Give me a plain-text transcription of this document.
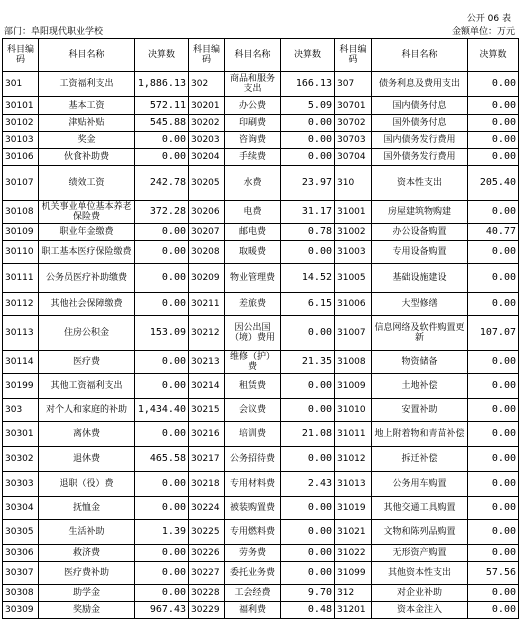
公开 06 表
部门：阜阳现代职业学校	金额单位：万元
科目编码	科目名称	决算数	科目编码	科目名称	决算数	科目编码	科目名称	决算数
301	工资福利支出	1,886.13	302	商品和服务支出	166.13	307	债务利息及费用支出	0.00
30101	基本工资	572.11	30201	办公费	5.09	30701	国内债务付息	0.00
30102	津贴补贴	545.88	30202	印刷费	0.00	30702	国外债务付息	0.00
30103	奖金	0.00	30203	咨询费	0.00	30703	国内债务发行费用	0.00
30106	伙食补助费	0.00	30204	手续费	0.00	30704	国外债务发行费用	0.00
30107	绩效工资	242.78	30205	水费	23.97	310	资本性支出	205.40
30108	机关事业单位基本养老保险费	372.28	30206	电费	31.17	31001	房屋建筑物购建	0.00
30109	职业年金缴费	0.00	30207	邮电费	0.78	31002	办公设备购置	40.77
30110	职工基本医疗保险缴费	0.00	30208	取暖费	0.00	31003	专用设备购置	0.00
30111	公务员医疗补助缴费	0.00	30209	物业管理费	14.52	31005	基础设施建设	0.00
30112	其他社会保障缴费	0.00	30211	差旅费	6.15	31006	大型修缮	0.00
30113	住房公积金	153.09	30212	因公出国（境）费用	0.00	31007	信息网络及软件购置更新	107.07
30114	医疗费	0.00	30213	维修（护）费	21.35	31008	物资储备	0.00
30199	其他工资福利支出	0.00	30214	租赁费	0.00	31009	土地补偿	0.00
303	对个人和家庭的补助	1,434.40	30215	会议费	0.00	31010	安置补助	0.00
30301	离休费	0.00	30216	培训费	21.08	31011	地上附着物和青苗补偿	0.00
30302	退休费	465.58	30217	公务招待费	0.00	31012	拆迁补偿	0.00
30303	退职（役）费	0.00	30218	专用材料费	2.43	31013	公务用车购置	0.00
30304	抚恤金	0.00	30224	被装购置费	0.00	31019	其他交通工具购置	0.00
30305	生活补助	1.39	30225	专用燃料费	0.00	31021	文物和陈列品购置	0.00
30306	救济费	0.00	30226	劳务费	0.00	31022	无形资产购置	0.00
30307	医疗费补助	0.00	30227	委托业务费	0.00	31099	其他资本性支出	57.56
30308	助学金	0.00	30228	工会经费	9.70	312	对企业补助	0.00
30309	奖励金	967.43	30229	福利费	0.48	31201	资本金注入	0.00
